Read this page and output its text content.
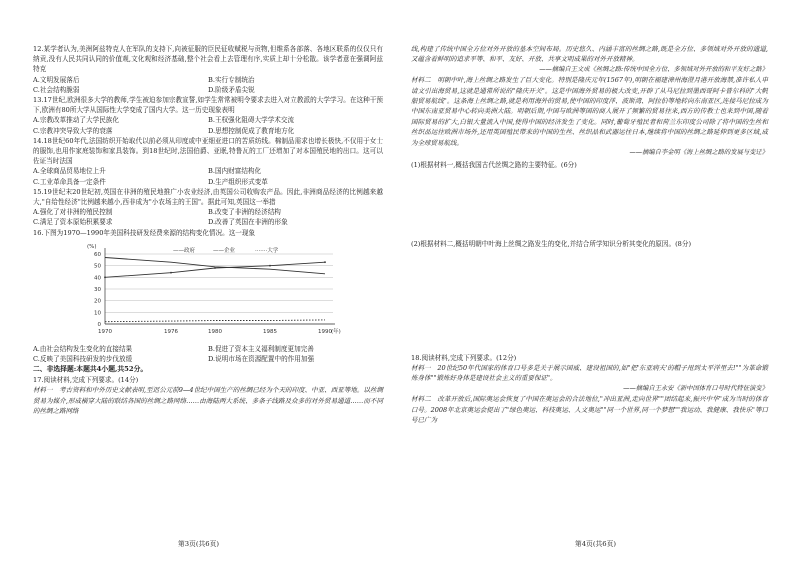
12.某学者认为,美洲阿兹特克人在军队的支持下,向被征服的臣民征收赋税与贡物,但维系各部落、各地区联系的仅仅只有纳贡,没有人民共同认同的价值观,文化观和经济基础,整个社会看上去管理有序,实质上却十分松散。该学者意在强调阿兹特克
A.文明发展落后	B.实行专制统治
C.社会结构脆弱	D.阶级矛盾尖锐
13.17世纪,欧洲很多大学的教师,学生被迫参加宗教宣誓,如学生常常被明令要求去进入对立教派的大学学习。在这种干预下,欧洲有80所大学从国际性大学变成了国内大学。这一历史现象表明
A.宗教改革推动了大学民族化	B.王权强化阻碍大学学术交流
C.宗教冲突导致大学的衰落	D.思想控制促成了教育地方化
14.18世纪60年代,法国纺织开始取代以前必须从印度或中亚细亚进口的苦质纺线。棉制品需求也增长极快,不仅用于女士的服饰,也用作家庭装饰和家具装饰。到18世纪时,法国伯爵、亚眠,特鲁瓦的工厂还增加了对本国殖民地的出口。这可以佐证当时法国
A.全球商品贸易地位上升	B.国内财富结构化
C.工业革命具备一定条件	D.生产组织形式变革
15.19世纪末20世纪初,英国在非洲的殖民地推广小农业经济,由英国公司收购农产品。因此,非洲商品经济的比例越来越大,"自给性经济"比例越来越小,西非成为"小农场主的王国"。据此可知,英国这一举措
A.强化了对非洲的殖民控制	B.改变了非洲的经济结构
C.满足了资本原始积累要求	D.改善了英国在非洲的形象
16.下图为1970—1990年美国科技研发经费来源的结构变化情况。这一现象
0
10
20
30
40
50
60
(%)
1970	1976	1980	1985	1990 (年)
——政府	——企业	·······大学
A.由社会结构发生变化的直接结果	B.促进了资本主义福利制度更加完善
C.反映了美国科技研发的步伐放缓	D.说明市场在资源配置中的作用加强
二、非选择题:本题共4小题,共52分。
17.阅读材料,完成下列要求。(14分)
材料一　考古资料和中外历史文献表明,至迟公元前9—4世纪中国生产的丝绸已经为个天的印度、中亚、西亚等地。以丝绸贸易为媒介,形成横穿大陆的联结各国的丝绸之路网络……由海陆两大系统、多条子线路及众多的对外贸易通道……而不同的丝绸之路网络
第3页(共6页)
线,构建了传统中国全方位对外开放的基本空间布局。历史悠久、内涵丰富的丝绸之路,既是全方位、多领域对外开放的通道,又蕴含着鲜明的追求平等、和平、友好、开放、共享文明成果的对外开放精神。
——摘编自王文成《丝绸之路:传统中国全方位、多领域对外开放的和平友好之路》
材料二　明朝中叶,海上丝绸之路发生了巨大变化。特别是隆庆元年(1567年),明朝在福建漳州海澄月港开放海禁,准许私人申请文引出海贸易,这就是通常所说的"隆庆开关"。这是中国海外贸易的极大改变,开辟了从马尼拉到墨西哥阿卡普尔科的"大帆船贸易航线"。这条海上丝绸之路,就是利用海外的贸易,使中国的印度洋、波斯湾、阿拉伯等地转向东南亚区,连接马尼拉成为中国东南亚贸易中心转向美洲大陆。明朝后期,中国与欧洲等国的商人展开了频繁的贸易往来,西方的传教士也来到中国,随着国际贸易的扩大,白银大量流入中国,使得中国的经济发生了变化。同时,葡萄牙殖民者和荷兰东印度公司除了将中国的生丝和丝织品运往欧洲市场外,还用英国殖民带来的中国的生丝、丝织品和武器运往日本,继续将中国的丝绸之路延伸到更多区域,成为全球贸易航线。
——摘编自李金明《海上丝绸之路的发展与变迁》
(1)根据材料一,概括我国古代丝绸之路的主要特征。(6分)
(2)根据材料二,概括明朝中叶海上丝绸之路发生的变化,并结合所学知识分析其变化的原因。(8分)
18.阅读材料,完成下列要求。(12分)
材料一　20世纪50年代国家的体育口号多是关于展示国威、建设祖国的,如"把'东亚病夫'的帽子甩到太平洋里去!""为革命锻炼身体""锻炼好身体是建设社会主义的重要保证"。
——摘编自王永安《新中国体育口号时代特征演变》
材料二　改革开放后,国际奥运会恢复了中国在奥运会的合法地位,"冲出亚洲,走向世界""团结起来,振兴中华"成为当时的体育口号。2008年北京奥运会提出了"绿色奥运、科技奥运、人文奥运""同一个世界,同一个梦想""我运动、我健康、我快乐"等口号已广为
第4页(共6页)
